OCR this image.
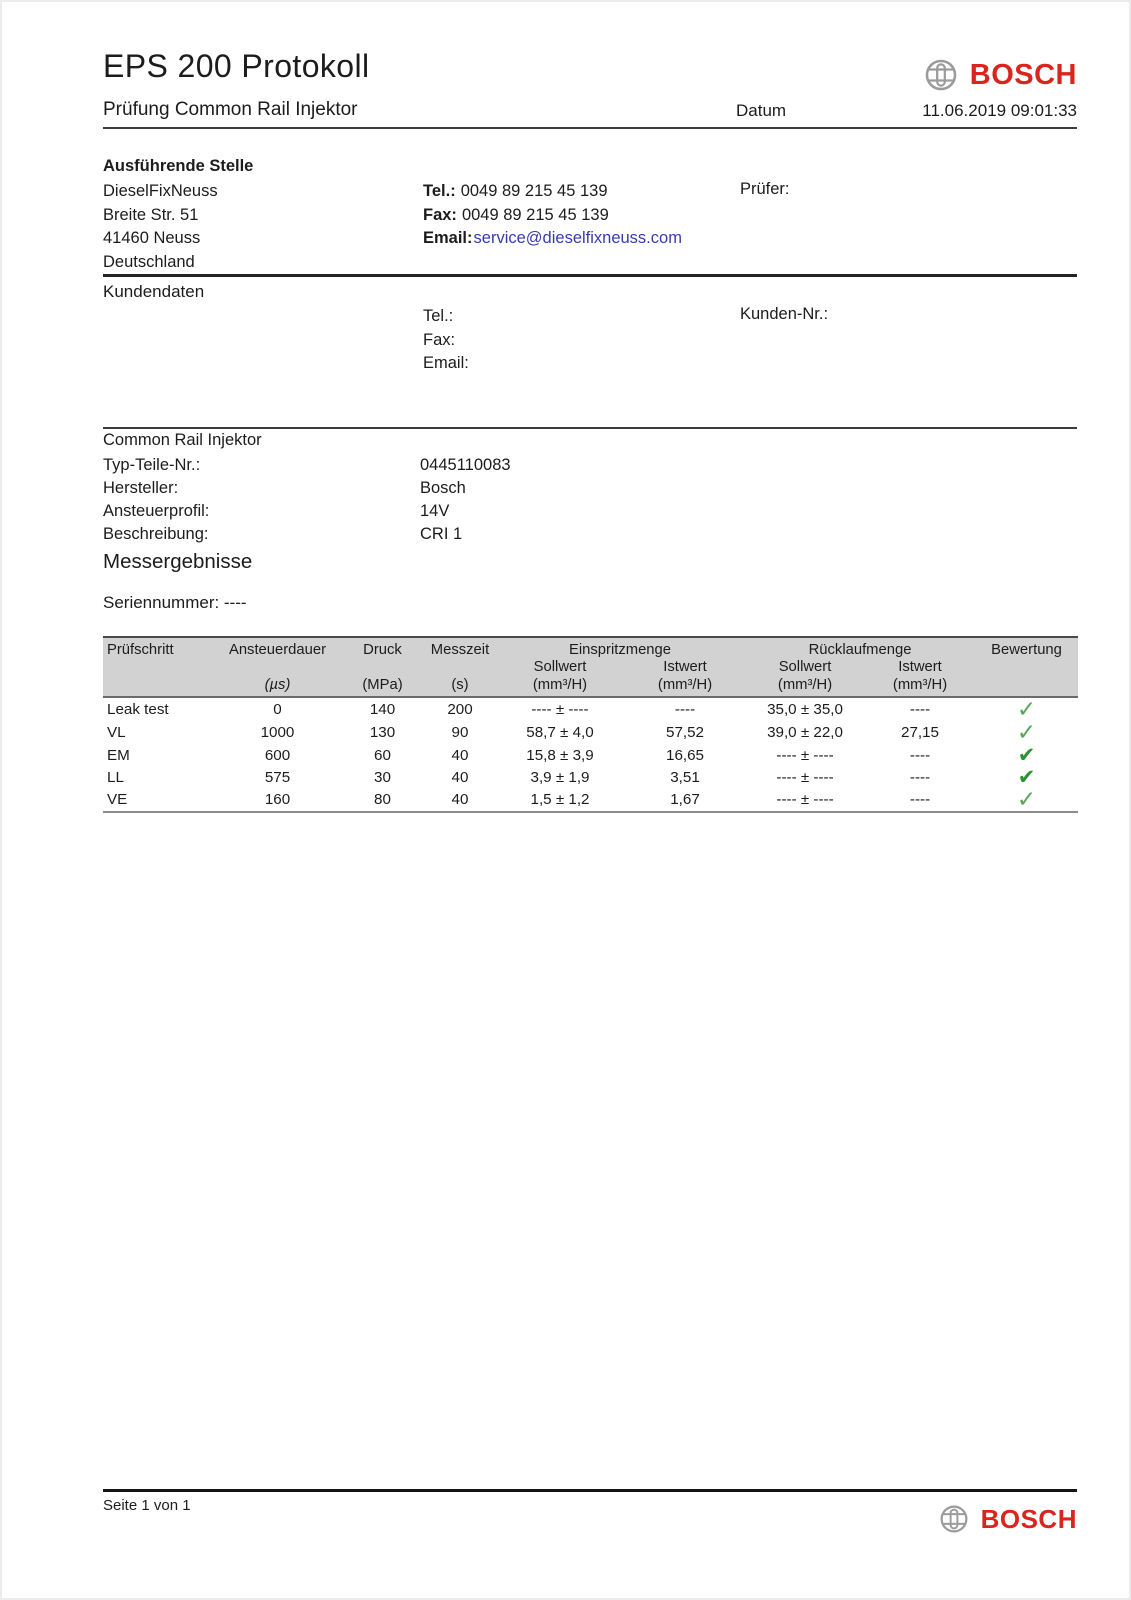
EPS 200 Protokoll	BOSCH
Prüfung Common Rail Injektor	Datum	11.06.2019 09:01:33
Ausführende Stelle
DieselFixNeuss
Breite Str. 51
41460 Neuss
Deutschland
Tel.: 0049 89 215 45 139
Fax: 0049 89 215 45 139
Email:service@dieselfixneuss.com
Prüfer:
Kundendaten
Tel.:
Fax:
Email:
Kunden-Nr.:
Common Rail Injektor
Typ-Teile-Nr.:	0445110083
Hersteller:	Bosch
Ansteuerprofil:	14V
Beschreibung:	CRI 1
Messergebnisse
Seriennummer: ----
Prüfschritt	Ansteuerdauer	Druck	Messzeit	Einspritzmenge		Rücklaufmenge		Bewertung
				Sollwert	Istwert	Sollwert	Istwert	
	(µs)	(MPa)	(s)	(mm³/H)	(mm³/H)	(mm³/H)	(mm³/H)	
Leak test	0	140	200	---- ± ----	----	35,0 ± 35,0	----	✓
VL	1000	130	90	58,7 ± 4,0	57,52	39,0 ± 22,0	27,15	✓
EM	600	60	40	15,8 ± 3,9	16,65	---- ± ----	----	✔
LL	575	30	40	3,9 ± 1,9	3,51	---- ± ----	----	✔
VE	160	80	40	1,5 ± 1,2	1,67	---- ± ----	----	✓
Seite 1 von 1	BOSCH
